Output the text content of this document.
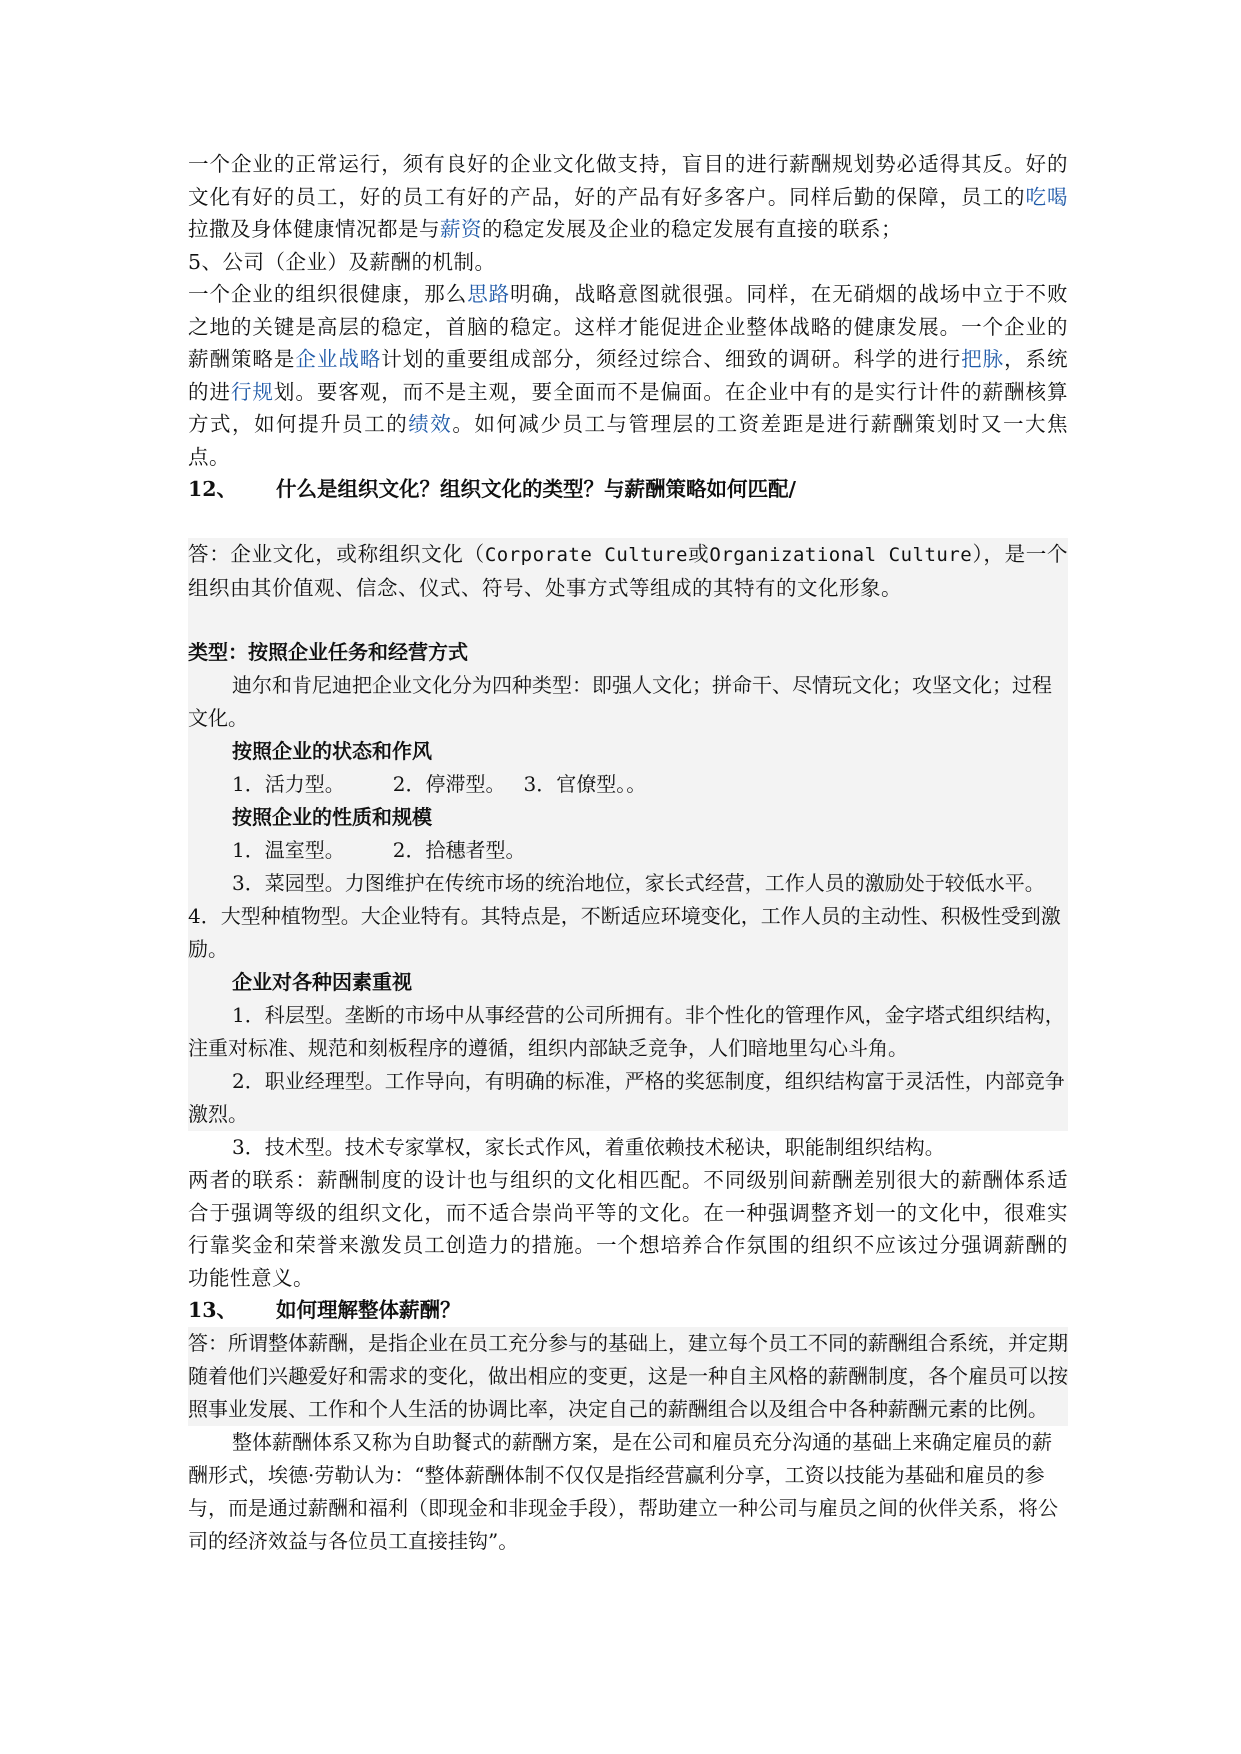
一个企业的正常运行，须有良好的企业文化做支持，盲目的进行薪酬规划势必适得其反。好的文化有好的员工，好的员工有好的产品，好的产品有好多客户。同样后勤的保障，员工的吃喝拉撒及身体健康情况都是与薪资的稳定发展及企业的稳定发展有直接的联系；

5、公司（企业）及薪酬的机制。

一个企业的组织很健康，那么思路明确，战略意图就很强。同样，在无硝烟的战场中立于不败之地的关键是高层的稳定，首脑的稳定。这样才能促进企业整体战略的健康发展。一个企业的薪酬策略是企业战略计划的重要组成部分，须经过综合、细致的调研。科学的进行把脉，系统的进行规划。要客观，而不是主观，要全面而不是偏面。在企业中有的是实行计件的薪酬核算方式，如何提升员工的绩效。如何减少员工与管理层的工资差距是进行薪酬策划时又一大焦点。

12、 什么是组织文化？组织文化的类型？与薪酬策略如何匹配/

答：企业文化，或称组织文化（Corporate Culture或Organizational Culture），是一个组织由其价值观、信念、仪式、符号、处事方式等组成的其特有的文化形象。

类型：按照企业任务和经营方式

迪尔和肯尼迪把企业文化分为四种类型：即强人文化；拼命干、尽情玩文化；攻坚文化；过程文化。

按照企业的状态和作风

1．活力型。 2．停滞型。 3．官僚型。。

按照企业的性质和规模

1．温室型。 2．拾穗者型。

3．菜园型。力图维护在传统市场的统治地位，家长式经营，工作人员的激励处于较低水平。　4．大型种植物型。大企业特有。其特点是，不断适应环境变化，工作人员的主动性、积极性受到激励。

企业对各种因素重视

1．科层型。垄断的市场中从事经营的公司所拥有。非个性化的管理作风，金字塔式组织结构，注重对标准、规范和刻板程序的遵循，组织内部缺乏竞争，人们暗地里勾心斗角。

2．职业经理型。工作导向，有明确的标准，严格的奖惩制度，组织结构富于灵活性，内部竞争激烈。

3．技术型。技术专家掌权，家长式作风，着重依赖技术秘诀，职能制组织结构。

两者的联系：薪酬制度的设计也与组织的文化相匹配。不同级别间薪酬差别很大的薪酬体系适合于强调等级的组织文化，而不适合崇尚平等的文化。在一种强调整齐划一的文化中，很难实行靠奖金和荣誉来激发员工创造力的措施。一个想培养合作氛围的组织不应该过分强调薪酬的功能性意义。

13、 如何理解整体薪酬？

答：所谓整体薪酬，是指企业在员工充分参与的基础上，建立每个员工不同的薪酬组合系统，并定期随着他们兴趣爱好和需求的变化，做出相应的变更，这是一种自主风格的薪酬制度，各个雇员可以按照事业发展、工作和个人生活的协调比率，决定自己的薪酬组合以及组合中各种薪酬元素的比例。

整体薪酬体系又称为自助餐式的薪酬方案，是在公司和雇员充分沟通的基础上来确定雇员的薪酬形式，埃德·劳勒认为：“整体薪酬体制不仅仅是指经营赢利分享，工资以技能为基础和雇员的参与，而是通过薪酬和福利（即现金和非现金手段），帮助建立一种公司与雇员之间的伙伴关系，将公司的经济效益与各位员工直接挂钩”。
